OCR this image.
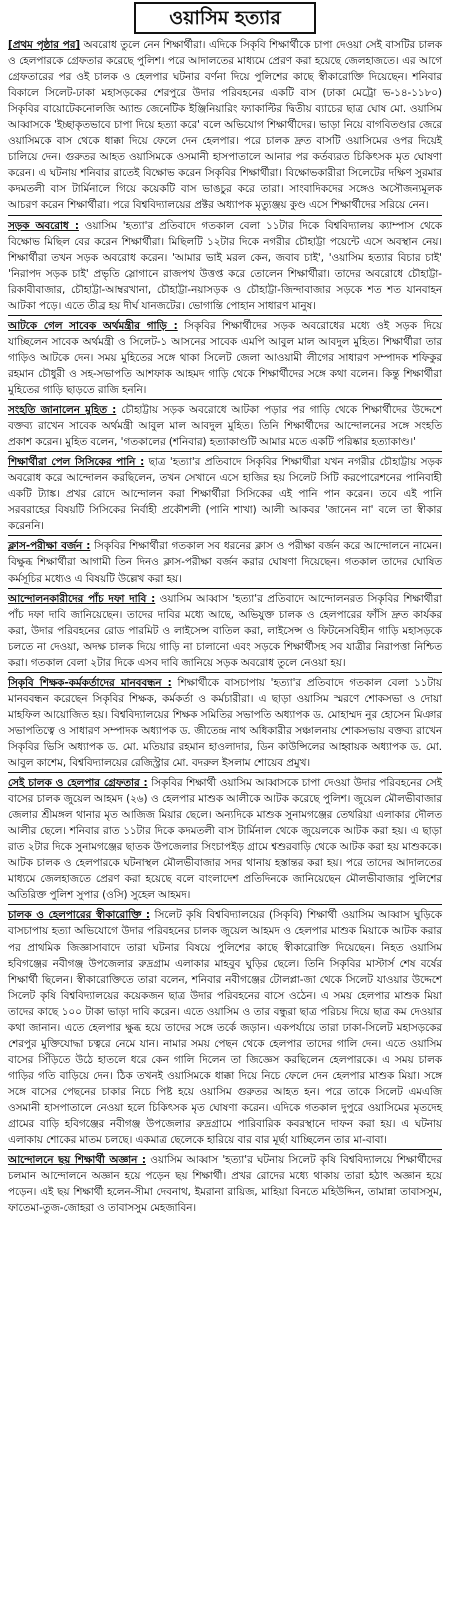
ওয়াসিম হত্যার

[প্রথম পৃষ্ঠার পর] অবরোধ তুলে নেন শিক্ষার্থীরা। এদিকে সিকৃবি শিক্ষার্থীকে চাপা দেওয়া সেই বাসটির চালক ও হেলপারকে গ্রেফতার করেছে পুলিশ। পরে আদালতের মাধ্যমে প্রেরণ করা হয়েছে জেলহাজতে। এর আগে গ্রেফতারের পর ওই চালক ও হেলপার ঘটনার বর্ণনা দিয়ে পুলিশের কাছে স্বীকারোক্তি দিয়েছেন। শনিবার বিকালে সিলেট-ঢাকা মহাসড়কের শেরপুরে উদার পরিবহনের একটি বাস (ঢাকা মেট্রো ভ-১৪-১১৮০) সিকৃবির বায়োটেকনোলজি অ্যান্ড জেনেটিক ইঞ্জিনিয়ারিং ফ্যাকাল্টির দ্বিতীয় ব্যাচের ছাত্র ঘোষ মো. ওয়াসিম আব্বাসকে 'ইচ্ছাকৃতভাবে চাপা দিয়ে হত্যা করে' বলে অভিযোগ শিক্ষার্থীদের। ভাড়া নিয়ে বাগবিতণ্ডার জেরে ওয়াসিমকে বাস থেকে ধাক্কা দিয়ে ফেলে দেন হেলপার। পরে চালক দ্রুত বাসটি ওয়াসিমের ওপর দিয়েই চালিয়ে দেন। গুরুতর আহত ওয়াসিমকে ওসমানী হাসপাতালে আনার পর কর্তব্যরত চিকিৎসক মৃত ঘোষণা করেন। এ ঘটনায় শনিবার রাতেই বিক্ষোভ করেন সিকৃবির শিক্ষার্থীরা। বিক্ষোভকারীরা সিলেটের দক্ষিণ সুরমার কদমতলী বাস টার্মিনালে গিয়ে কয়েকটি বাস ভাঙচুর করে তারা। সাংবাদিকদের সঙ্গেও অসৌজন্যমূলক আচরণ করেন শিক্ষার্থীরা। পরে বিশ্ববিদ্যালয়ের প্রক্টর অধ্যাপক মৃত্যুঞ্জয় কুণ্ড এসে শিক্ষার্থীদের সরিয়ে নেন।

সড়ক অবরোধ : ওয়াসিম 'হত্যা'র প্রতিবাদে গতকাল বেলা ১১টার দিকে বিশ্ববিদ্যালয় ক্যাম্পাস থেকে বিক্ষোভ মিছিল বের করেন শিক্ষার্থীরা। মিছিলটি ১২টার দিকে নগরীর চৌহাট্টা পয়েন্টে এসে অবস্থান নেয়। শিক্ষার্থীরা তখন সড়ক অবরোধ করেন। 'আমার ভাই মরল কেন, জবাব চাই', 'ওয়াসিম হত্যার বিচার চাই' 'নিরাপদ সড়ক চাই' প্রভৃতি স্লোগানে রাজপথ উত্তপ্ত করে তোলেন শিক্ষার্থীরা। তাদের অবরোধে চৌহাট্টা-রিকাবীবাজার, চৌহাট্টা-আম্বরখানা, চৌহাট্টা-নয়াসড়ক ও চৌহাট্টা-জিন্দাবাজার সড়কে শত শত যানবাহন আটকা পড়ে। এতে তীব্র হয় দীর্ঘ যানজটের। ভোগান্তি পোহান সাধারণ মানুষ।

আটকে গেল সাবেক অর্থমন্ত্রীর গাড়ি : সিকৃবির শিক্ষার্থীদের সড়ক অবরোধের মধ্যে ওই সড়ক দিয়ে যাচ্ছিলেন সাবেক অর্থমন্ত্রী ও সিলেট-১ আসনের সাবেক এমপি আবুল মাল আবদুল মুহিত। শিক্ষার্থীরা তার গাড়িও আটকে দেন। সময় মুহিতের সঙ্গে থাকা সিলেট জেলা আওয়ামী লীগের সাধারণ সম্পাদক শফিকুর রহমান চৌধুরী ও সহ-সভাপতি আশফাক আহমদ গাড়ি থেকে শিক্ষার্থীদের সঙ্গে কথা বলেন। কিন্তু শিক্ষার্থীরা মুহিতের গাড়ি ছাড়তে রাজি হননি।

সংহতি জানালেন মুহিত : চৌহাট্টায় সড়ক অবরোধে আটকা পড়ার পর গাড়ি থেকে শিক্ষার্থীদের উদ্দেশে বক্তব্য রাখেন সাবেক অর্থমন্ত্রী আবুল মাল আবদুল মুহিত। তিনি শিক্ষার্থীদের আন্দোলনের সঙ্গে সংহতি প্রকাশ করেন। মুহিত বলেন, 'গতকালের (শনিবার) হত্যাকাণ্ডটি আমার মতে একটি পরিষ্কার হত্যাকাণ্ড।'

শিক্ষার্থীরা পেল সিসিকের পানি : ছাত্র 'হত্যা'র প্রতিবাদে সিকৃবির শিক্ষার্থীরা যখন নগরীর চৌহাট্টায় সড়ক অবরোধ করে আন্দোলন করছিলেন, তখন সেখানে এসে হাজির হয় সিলেট সিটি করপোরেশনের পানিবাহী একটি ট্যাঙ্ক। প্রখর রোদে আন্দোলন করা শিক্ষার্থীরা সিসিকের এই পানি পান করেন। তবে এই পানি সরবরাহের বিষয়টি সিসিকের নির্বাহী প্রকৌশলী (পানি শাখা) আলী আকবর 'জানেন না' বলে তা স্বীকার করেননি।

ক্লাস-পরীক্ষা বর্জন : সিকৃবির শিক্ষার্থীরা গতকাল সব ধরনের ক্লাস ও পরীক্ষা বর্জন করে আন্দোলনে নামেন। বিক্ষুব্ধ শিক্ষার্থীরা আগামী তিন দিনও ক্লাস-পরীক্ষা বর্জন করার ঘোষণা দিয়েছেন। গতকাল তাদের ঘোষিত কর্মসূচির মধ্যেও এ বিষয়টি উল্লেখ করা হয়।

আন্দোলনকারীদের পাঁচ দফা দাবি : ওয়াসিম আব্বাস 'হত্যা'র প্রতিবাদে আন্দোলনরত সিকৃবির শিক্ষার্থীরা পাঁচ দফা দাবি জানিয়েছেন। তাদের দাবির মধ্যে আছে, অভিযুক্ত চালক ও হেলপারের ফাঁসি দ্রুত কার্যকর করা, উদার পরিবহনের রোড পারমিট ও লাইসেন্স বাতিল করা, লাইসেন্স ও ফিটনেসবিহীন গাড়ি মহাসড়কে চলতে না দেওয়া, অদক্ষ চালক দিয়ে গাড়ি না চালানো এবং সড়কে শিক্ষার্থীসহ সব যাত্রীর নিরাপত্তা নিশ্চিত করা। গতকাল বেলা ২টার দিকে এসব দাবি জানিয়ে সড়ক অবরোধ তুলে নেওয়া হয়।

সিকৃবি শিক্ষক-কর্মকর্তাদের মানববন্ধন : শিক্ষার্থীকে বাসচাপায় 'হত্যা'র প্রতিবাদে গতকাল বেলা ১১টায় মানববন্ধন করেছেন সিকৃবির শিক্ষক, কর্মকর্তা ও কর্মচারীরা। এ ছাড়া ওয়াসিম স্মরণে শোকসভা ও দোয়া মাহফিল আয়োজিত হয়। বিশ্ববিদ্যালয়ের শিক্ষক সমিতির সভাপতি অধ্যাপক ড. মোহাম্মদ নুর হোসেন মিঞার সভাপতিত্বে ও সাধারণ সম্পাদক অধ্যাপক ড. জীতেন্দ্র নাথ অধিকারীর সঞ্চালনায় শোকসভায় বক্তব্য রাখেন সিকৃবির ভিসি অধ্যাপক ড. মো. মতিয়ার রহমান হাওলাদার, ডিন কাউন্সিলের আহ্বায়ক অধ্যাপক ড. মো. আবুল কাশেম, বিশ্ববিদ্যালয়ের রেজিস্ট্রার মো. বদরুল ইসলাম শোয়েব প্রমুখ।

সেই চালক ও হেলপার গ্রেফতার : সিকৃবির শিক্ষার্থী ওয়াসিম আব্বাসকে চাপা দেওয়া উদার পরিবহনের সেই বাসের চালক জুয়েল আহমদ (২৬) ও হেলপার মাশুক আলীকে আটক করেছে পুলিশ। জুয়েল মৌলভীবাজার জেলার শ্রীমঙ্গল থানার মৃত আজিজ মিয়ার ছেলে। অন্যদিকে মাশুক সুনামগঞ্জের তেথরিয়া এলাকার দৌলত আলীর ছেলে। শনিবার রাত ১১টার দিকে কদমতলী বাস টার্মিনাল থেকে জুয়েলকে আটক করা হয়। এ ছাড়া রাত ২টার দিকে সুনামগঞ্জের ছাতক উপজেলার সিংচাপইড় গ্রামে শ্বশুরবাড়ি থেকে আটক করা হয় মাশুককে। আটক চালক ও হেলপারকে ঘটনাস্থল মৌলভীবাজার সদর থানায় হস্তান্তর করা হয়। পরে তাদের আদালতের মাধ্যমে জেলহাজতে প্রেরণ করা হয়েছে বলে বাংলাদেশ প্রতিদিনকে জানিয়েছেন মৌলভীবাজার পুলিশের অতিরিক্ত পুলিশ সুপার (ওসি) সুহেল আহমদ।

চালক ও হেলপারের স্বীকারোক্তি : সিলেট কৃষি বিশ্ববিদ্যালয়ের (সিকৃবি) শিক্ষার্থী ওয়াসিম আব্বাস ঘুড়িকে বাসচাপায় হত্যা অভিযোগে উদার পরিবহনের চালক জুয়েল আহমদ ও হেলপার মাশুক মিয়াকে আটক করার পর প্রাথমিক জিজ্ঞাসাবাদে তারা ঘটনার বিষয়ে পুলিশের কাছে স্বীকারোক্তি দিয়েছেন। নিহত ওয়াসিম হবিগঞ্জের নবীগঞ্জ উপজেলার রুদ্রগ্রাম এলাকার মাহবুব ঘুড়ির ছেলে। তিনি সিকৃবির মাস্টার্স শেষ বর্ষের শিক্ষার্থী ছিলেন। স্বীকারোক্তিতে তারা বলেন, শনিবার নবীগঞ্জের টোলপ্লা-জা থেকে সিলেট যাওয়ার উদ্দেশে সিলেট কৃষি বিশ্ববিদ্যালয়ের কয়েকজন ছাত্র উদার পরিবহনের বাসে ওঠেন। এ সময় হেলপার মাশুক মিয়া তাদের কাছে ১০০ টাকা ভাড়া দাবি করেন। এতে ওয়াসিম ও তার বন্ধুরা ছাত্র পরিচয় দিয়ে ছাত্র কম দেওয়ার কথা জানান। এতে হেলপার ক্ষুব্ধ হয়ে তাদের সঙ্গে তর্কে জড়ান। একপর্যায়ে তারা ঢাকা-সিলেট মহাসড়কের শেরপুর মুক্তিযোদ্ধা চত্বরে নেমে যান। নামার সময় পেছন থেকে হেলপার তাদের গালি দেন। এতে ওয়াসিম বাসের সিঁড়িতে উঠে হাতলে ধরে কেন গালি দিলেন তা জিজ্ঞেস করছিলেন হেলপারকে। এ সময় চালক গাড়ির গতি বাড়িয়ে দেন। ঠিক তখনই ওয়াসিমকে ধাক্কা দিয়ে নিচে ফেলে দেন হেলপার মাশুক মিয়া। সঙ্গে সঙ্গে বাসের পেছনের চাকার নিচে পিষ্ট হয়ে ওয়াসিম গুরুতর আহত হন। পরে তাকে সিলেট এমএজি ওসমানী হাসপাতালে নেওয়া হলে চিকিৎসক মৃত ঘোষণা করেন। এদিকে গতকাল দুপুরে ওয়াসিমের মৃতদেহ গ্রামের বাড়ি হবিগঞ্জের নবীগঞ্জ উপজেলার রুদ্রগ্রামে পারিবারিক কবরস্থানে দাফন করা হয়। এ ঘটনায় এলাকায় শোকের মাতম চলছে। একমাত্র ছেলেকে হারিয়ে বার বার মূর্ছা যাচ্ছিলেন তার মা-বাবা।

আন্দোলনে ছয় শিক্ষার্থী অজ্ঞান : ওয়াসিম আব্বাস 'হত্যা'র ঘটনায় সিলেট কৃষি বিশ্ববিদ্যালয়ে শিক্ষার্থীদের চলমান আন্দোলনে অজ্ঞান হয়ে পড়েন ছয় শিক্ষার্থী। প্রখর রোদের মধ্যে থাকায় তারা হঠাৎ অজ্ঞান হয়ে পড়েন। এই ছয় শিক্ষার্থী হলেন-সীমা দেবনাথ, ইমরানা রায়িজ, মাহিয়া বিনতে মহিউদ্দিন, তামান্না তাবাসসুম, ফাতেমা-তুজ-জোহরা ও তাবাসসুম মেহজাবিন।
